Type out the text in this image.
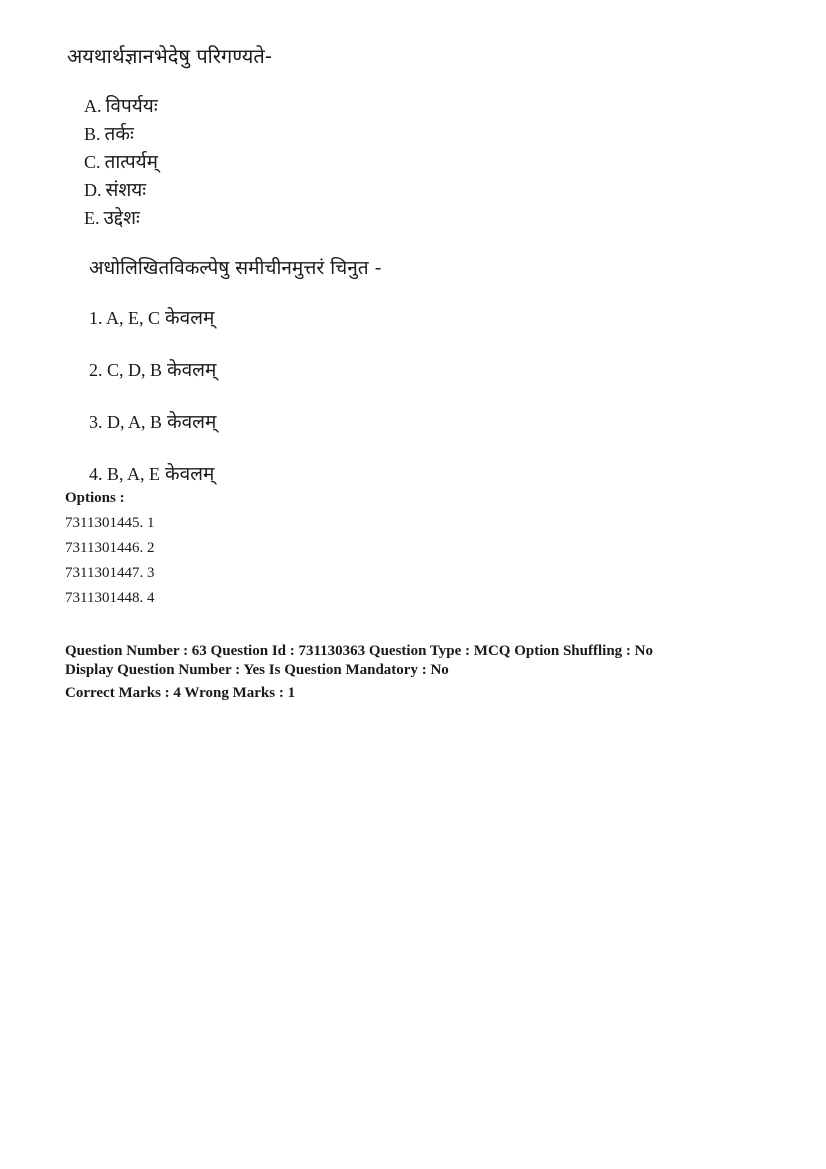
अयथार्थज्ञानभेदेषु परिगण्यते-
A. विपर्ययः
B. तर्कः
C. तात्पर्यम्
D. संशयः
E. उद्देशः
अधोलिखितविकल्पेषु समीचीनमुत्तरं चिनुत -
1. A, E, C केवलम्
2. C, D, B केवलम्
3. D, A, B केवलम्
4. B, A, E केवलम्
Options :
7311301445. 1
7311301446. 2
7311301447. 3
7311301448. 4
Question Number : 63 Question Id : 731130363 Question Type : MCQ Option Shuffling : No
Display Question Number : Yes Is Question Mandatory : No
Correct Marks : 4 Wrong Marks : 1
